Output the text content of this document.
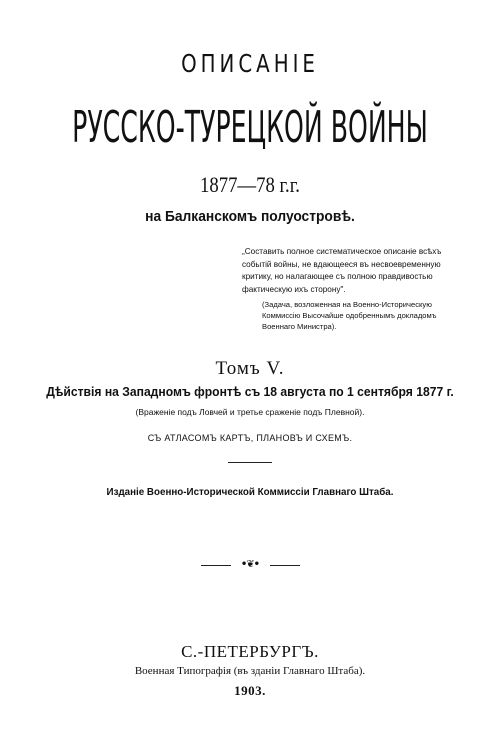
ОПИСАНІЕ
РУССКО-ТУРЕЦКОЙ ВОЙНЫ
1877—78 г.г.
на Балканскомъ полуостровѣ.
„Составить полное систематическое описаніе всѣхъ
событій войны, не вдающееся въ несвоевременную
критику, но налагающее съ полною правдивостью
фактическую ихъ сторону".
(Задача, возложенная на Военно-Историческую
Коммиссію Высочайше одобреннымъ докладомъ
Военнаго Министра).
Томъ V.
Дѣйствія на Западномъ фронтѣ съ 18 августа по 1 сентября 1877 г.
(Враженіе подъ Ловчей и третье сраженіе подъ Плевной).
СЪ АТЛАСОМЪ КАРТЪ, ПЛАНОВЪ И СХЕМЪ.
Изданіе Военно-Исторической Коммиссіи Главнаго Штаба.
•❦•
С.-ПЕТЕРБУРГЪ.
Военная Типографія (въ зданіи Главнаго Штаба).
1903.
